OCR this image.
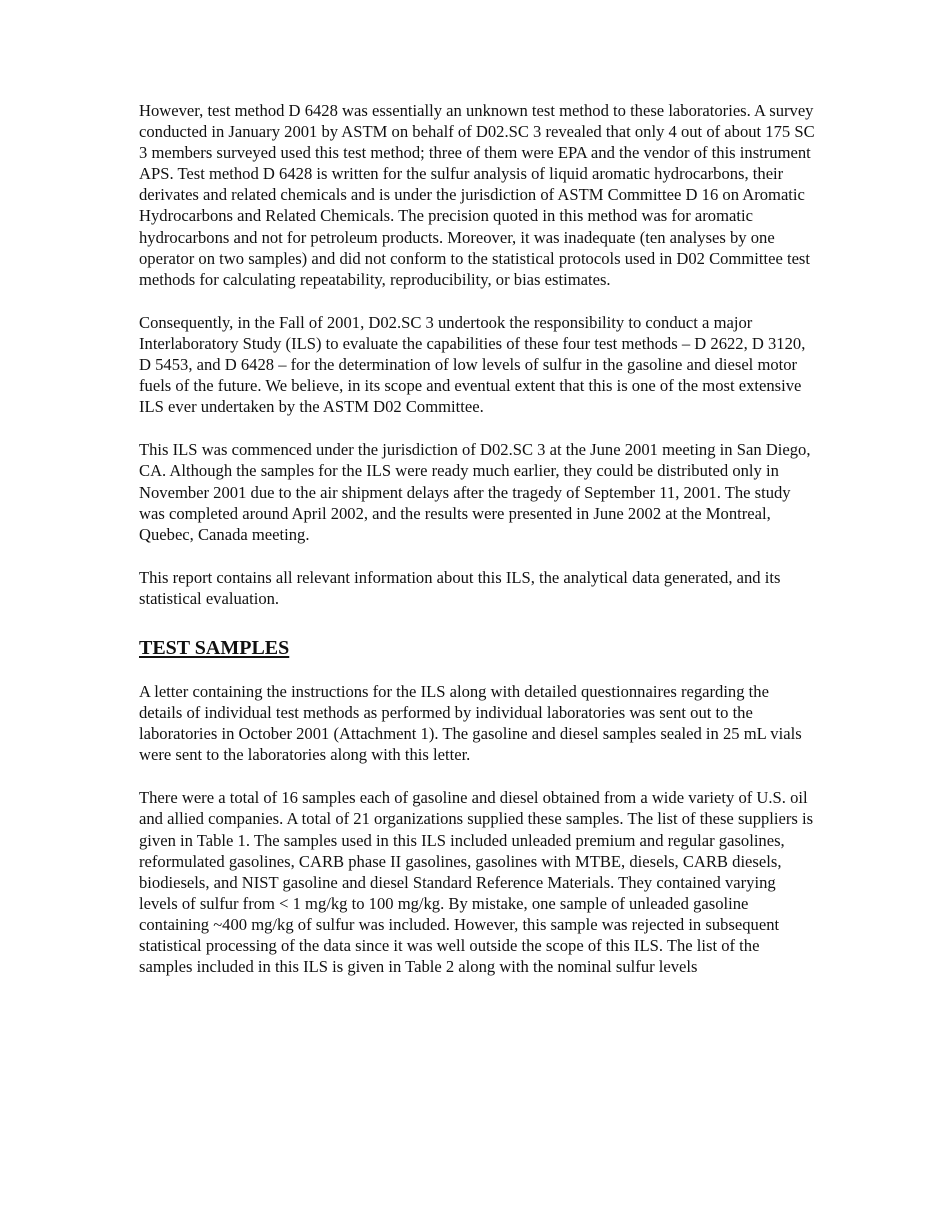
However, test method D 6428 was essentially an unknown test method to these laboratories. A survey conducted in January 2001 by ASTM on behalf of D02.SC 3 revealed that only 4 out of about 175 SC 3 members surveyed used this test method; three of them were EPA and the vendor of this instrument APS. Test method D 6428 is written for the sulfur analysis of liquid aromatic hydrocarbons, their derivates and related chemicals and is under the jurisdiction of ASTM Committee D 16 on Aromatic Hydrocarbons and Related Chemicals. The precision quoted in this method was for aromatic hydrocarbons and not for petroleum products. Moreover, it was inadequate (ten analyses by one operator on two samples) and did not conform to the statistical protocols used in D02 Committee test methods for calculating repeatability, reproducibility, or bias estimates.

Consequently, in the Fall of 2001, D02.SC 3 undertook the responsibility to conduct a major Interlaboratory Study (ILS) to evaluate the capabilities of these four test methods – D 2622, D 3120, D 5453, and D 6428 – for the determination of low levels of sulfur in the gasoline and diesel motor fuels of the future. We believe, in its scope and eventual extent that this is one of the most extensive ILS ever undertaken by the ASTM D02 Committee.

This ILS was commenced under the jurisdiction of D02.SC 3 at the June 2001 meeting in San Diego, CA. Although the samples for the ILS were ready much earlier, they could be distributed only in November 2001 due to the air shipment delays after the tragedy of September 11, 2001. The study was completed around April 2002, and the results were presented in June 2002 at the Montreal, Quebec, Canada meeting.

This report contains all relevant information about this ILS, the analytical data generated, and its statistical evaluation.

TEST SAMPLES

A letter containing the instructions for the ILS along with detailed questionnaires regarding the details of individual test methods as performed by individual laboratories was sent out to the laboratories in October 2001 (Attachment 1). The gasoline and diesel samples sealed in 25 mL vials were sent to the laboratories along with this letter.

There were a total of 16 samples each of gasoline and diesel obtained from a wide variety of U.S. oil and allied companies. A total of 21 organizations supplied these samples. The list of these suppliers is given in Table 1. The samples used in this ILS included unleaded premium and regular gasolines, reformulated gasolines, CARB phase II gasolines, gasolines with MTBE, diesels, CARB diesels, biodiesels, and NIST gasoline and diesel Standard Reference Materials. They contained varying levels of sulfur from < 1 mg/kg to 100 mg/kg. By mistake, one sample of unleaded gasoline containing ~400 mg/kg of sulfur was included. However, this sample was rejected in subsequent statistical processing of the data since it was well outside the scope of this ILS. The list of the samples included in this ILS is given in Table 2 along with the nominal sulfur levels
